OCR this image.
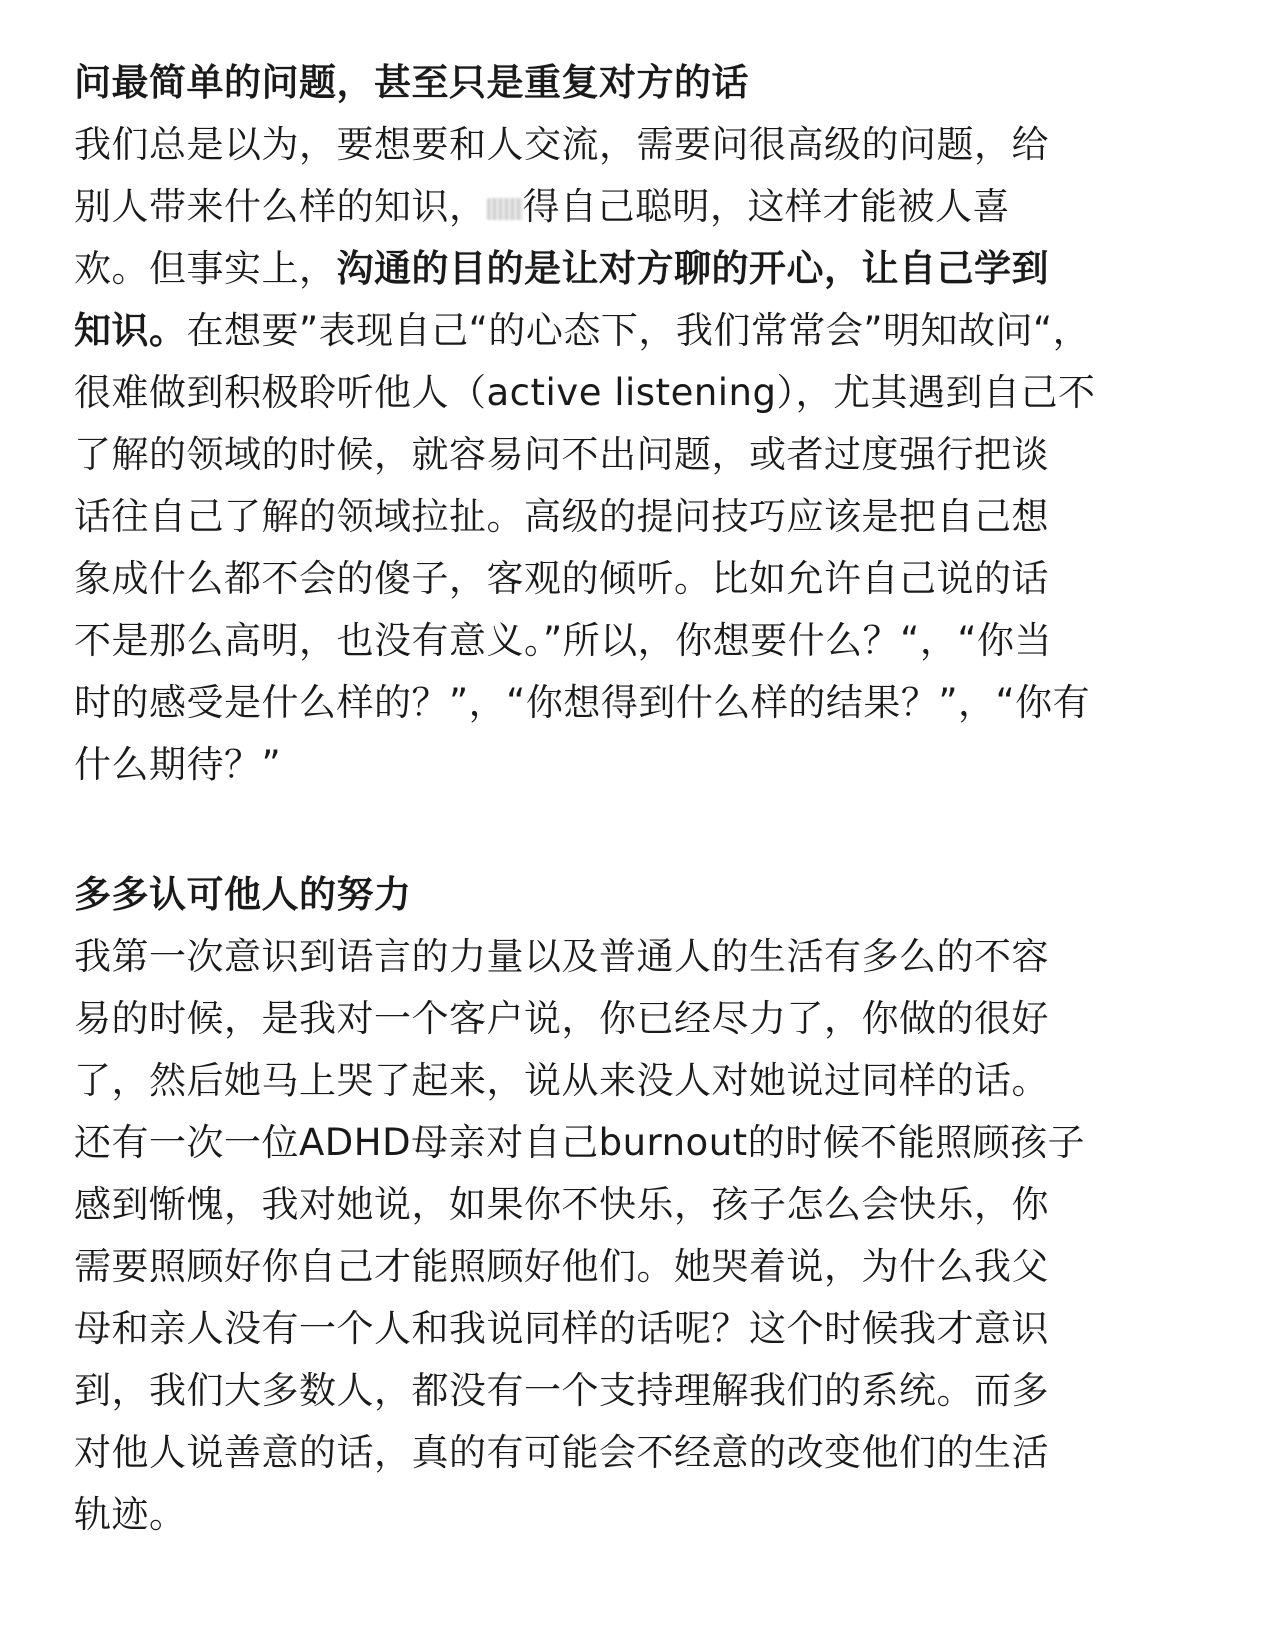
问最简单的问题，甚至只是重复对方的话

我们总是以为，要想要和人交流，需要问很高级的问题，给
别人带来什么样的知识， 得自己聪明，这样才能被人喜
欢。但事实上，沟通的目的是让对方聊的开心，让自己学到
知识。在想要”表现自己“的心态下，我们常常会”明知故问“，
很难做到积极聆听他人（active listening），尤其遇到自己不
了解的领域的时候，就容易问不出问题，或者过度强行把谈
话往自己了解的领域拉扯。高级的提问技巧应该是把自己想
象成什么都不会的傻子，客观的倾听。比如允许自己说的话
不是那么高明，也没有意义。”所以，你想要什么？“，“你当
时的感受是什么样的？”，“你想得到什么样的结果？”，“你有
什么期待？”

多多认可他人的努力

我第一次意识到语言的力量以及普通人的生活有多么的不容
易的时候，是我对一个客户说，你已经尽力了，你做的很好
了，然后她马上哭了起来，说从来没人对她说过同样的话。
还有一次一位ADHD母亲对自己burnout的时候不能照顾孩子
感到惭愧，我对她说，如果你不快乐，孩子怎么会快乐，你
需要照顾好你自己才能照顾好他们。她哭着说，为什么我父
母和亲人没有一个人和我说同样的话呢？这个时候我才意识
到，我们大多数人，都没有一个支持理解我们的系统。而多
对他人说善意的话，真的有可能会不经意的改变他们的生活
轨迹。
